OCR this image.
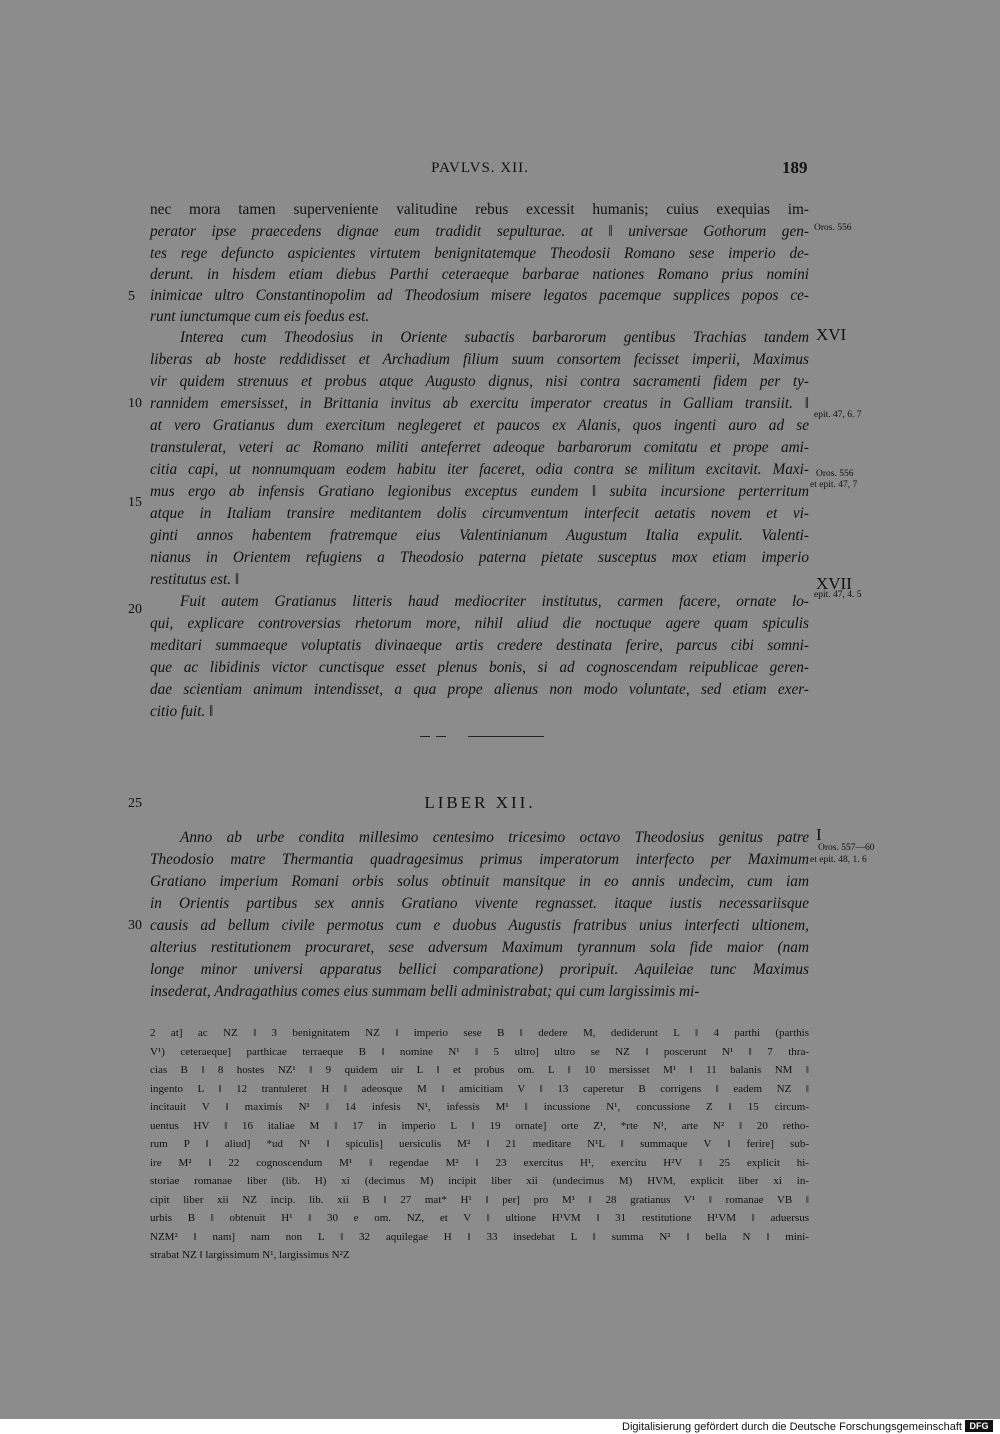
PAVLVS. XII.	189
nec mora tamen superveniente valitudine rebus excessit humanis; cuius exequias im-
perator ipse praecedens dignae eum tradidit sepulturae. at ‖ universae Gothorum gen-
tes rege defuncto aspicientes virtutem benignitatemque Theodosii Romano sese imperio de-
derunt. in hisdem etiam diebus Parthi ceteraeque barbarae nationes Romano prius nomini
inimicae ultro Constantinopolim ad Theodosium misere legatos pacemque supplices popos ce-
runt iunctumque cum eis foedus est.
Interea cum Theodosius in Oriente subactis barbarorum gentibus Trachias tandem
liberas ab hoste reddidisset et Archadium filium suum consortem fecisset imperii, Maximus
vir quidem strenuus et probus atque Augusto dignus, nisi contra sacramenti fidem per ty-
rannidem emersisset, in Brittania invitus ab exercitu imperator creatus in Galliam transiit. ‖
at vero Gratianus dum exercitum neglegeret et paucos ex Alanis, quos ingenti auro ad se
transtulerat, veteri ac Romano militi anteferret adeoque barbarorum comitatu et prope ami-
citia capi, ut nonnumquam eodem habitu iter faceret, odia contra se militum excitavit. Maxi-
mus ergo ab infensis Gratiano legionibus exceptus eundem ‖ subita incursione perterritum
atque in Italiam transire meditantem dolis circumventum interfecit aetatis novem et vi-
ginti annos habentem fratremque eius Valentinianum Augustum Italia expulit. Valenti-
nianus in Orientem refugiens a Theodosio paterna pietate susceptus mox etiam imperio
restitutus est. ‖
Fuit autem Gratianus litteris haud mediocriter institutus, carmen facere, ornate lo-
qui, explicare controversias rhetorum more, nihil aliud die noctuque agere quam spiculis
meditari summaeque voluptatis divinaeque artis credere destinata ferire, parcus cibi somni-
que ac libidinis victor cunctisque esset plenus bonis, si ad cognoscendam reipublicae geren-
dae scientiam animum intendisset, a qua prope alienus non modo voluntate, sed etiam exer-
citio fuit. ‖
Anno ab urbe condita millesimo centesimo tricesimo octavo Theodosius genitus patre
Theodosio matre Thermantia quadragesimus primus imperatorum interfecto per Maximum
Gratiano imperium Romani orbis solus obtinuit mansitque in eo annis undecim, cum iam
in Orientis partibus sex annis Gratiano vivente regnasset. itaque iustis necessariisque
causis ad bellum civile permotus cum e duobus Augustis fratribus unius interfecti ultionem,
alterius restitutionem procuraret, sese adversum Maximum tyrannum sola fide maior (nam
longe minor universi apparatus bellici comparatione) proripuit. Aquileiae tunc Maximus
insederat, Andragathius comes eius summam belli administrabat; qui cum largissimis mi-
5
10
15
20
25
30
XVI
XVII
I
Oros. 556
epit. 47, 6. 7
Oros. 556
et epit. 47, 7
epit. 47, 4. 5
Oros. 557—60
et epit. 48, 1. 6
LIBER XII.
2 at] ac NZ ‖ 3 benignitatem NZ ‖ imperio sese B ‖ dedere M, dediderunt L ‖ 4 parthi (parthis
V¹) ceteraeque] parthicae terraeque B ‖ nomine N¹ ‖ 5 ultro] ultro se NZ ‖ poscerunt N¹ ‖ 7 thra-
cias B ‖ 8 hostes NZ¹ ‖ 9 quidem uir L ‖ et probus om. L ‖ 10 mersisset M¹ ‖ 11 balanis NM ‖
ingento L ‖ 12 trantuleret H ‖ adeosque M ‖ amicitiam V ‖ 13 caperetur B corrigens ‖ eadem NZ ‖
incitauit V ‖ maximis N¹ ‖ 14 infesis N¹, infessis M¹ ‖ incussione N¹, concussione Z ‖ 15 circum-
uentus HV ‖ 16 italiae M ‖ 17 in imperio L ‖ 19 ornate] orte Z¹, *rte N¹, arte N² ‖ 20 retho-
rum P ‖ aliud] *ud N¹ ‖ spiculis] uersiculis M² ‖ 21 meditare N¹L ‖ summaque V ‖ ferire] sub-
ire M² ‖ 22 cognoscendum M¹ ‖ regendae M² ‖ 23 exercitus H¹, exercitu H²V ‖ 25 explicit hi-
storiae romanae liber (lib. H) xi (decimus M) incipit liber xii (undecimus M) HVM, explicit liber xi in-
cipit liber xii NZ incip. lib. xii B ‖ 27 mat* H¹ ‖ per] pro M¹ ‖ 28 gratianus V¹ ‖ romanae VB ‖
urbis B ‖ obtenuit H¹ ‖ 30 e om. NZ, et V ‖ ultione H¹VM ‖ 31 restitutione H¹VM ‖ aduersus
NZM² ‖ nam] nam non L ‖ 32 aquilegae H ‖ 33 insedebat L ‖ summa N² ‖ bella N ‖ mini-
strabat NZ ‖ largissimum N¹, largissimus N²Z
Digitalisierung gefördert durch die Deutsche Forschungsgemeinschaft DFG
